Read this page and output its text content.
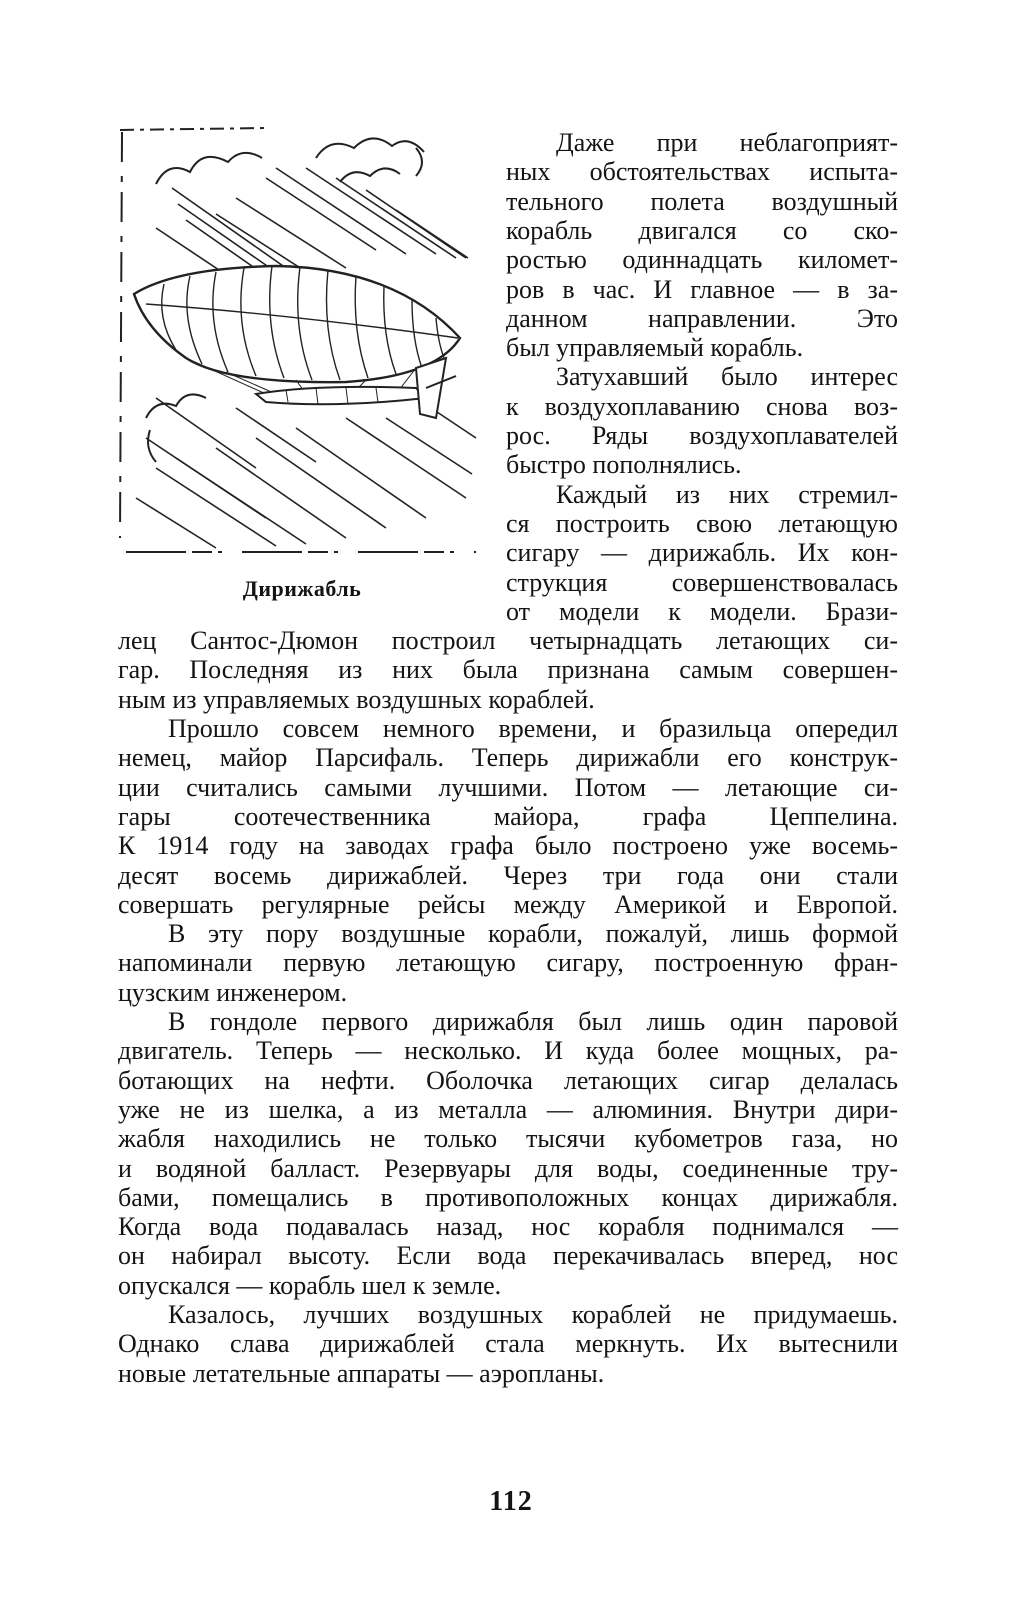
Дирижабль
Даже при неблагоприят-
ных обстоятельствах испыта-
тельного полета воздушный
корабль двигался со ско-
ростью одиннадцать километ-
ров в час. И главное — в за-
данном направлении. Это
был управляемый корабль.
Затухавший было интерес
к воздухоплаванию снова воз-
рос. Ряды воздухоплавателей
быстро пополнялись.
Каждый из них стремил-
ся построить свою летающую
сигару — дирижабль. Их кон-
струкция совершенствовалась
от модели к модели. Брази-
лец Сантос-Дюмон построил четырнадцать летающих си-
гар. Последняя из них была признана самым совершен-
ным из управляемых воздушных кораблей.
Прошло совсем немного времени, и бразильца опередил
немец, майор Парсифаль. Теперь дирижабли его конструк-
ции считались самыми лучшими. Потом — летающие си-
гары соотечественника майора, графа Цеппелина.
К 1914 году на заводах графа было построено уже восемь-
десят восемь дирижаблей. Через три года они стали
совершать регулярные рейсы между Америкой и Европой.
В эту пору воздушные корабли, пожалуй, лишь формой
напоминали первую летающую сигару, построенную фран-
цузским инженером.
В гондоле первого дирижабля был лишь один паровой
двигатель. Теперь — несколько. И куда более мощных, ра-
ботающих на нефти. Оболочка летающих сигар делалась
уже не из шелка, а из металла — алюминия. Внутри дири-
жабля находились не только тысячи кубометров газа, но
и водяной балласт. Резервуары для воды, соединенные тру-
бами, помещались в противоположных концах дирижабля.
Когда вода подавалась назад, нос корабля поднимался —
он набирал высоту. Если вода перекачивалась вперед, нос
опускался — корабль шел к земле.
Казалось, лучших воздушных кораблей не придумаешь.
Однако слава дирижаблей стала меркнуть. Их вытеснили
новые летательные аппараты — аэропланы.
112
